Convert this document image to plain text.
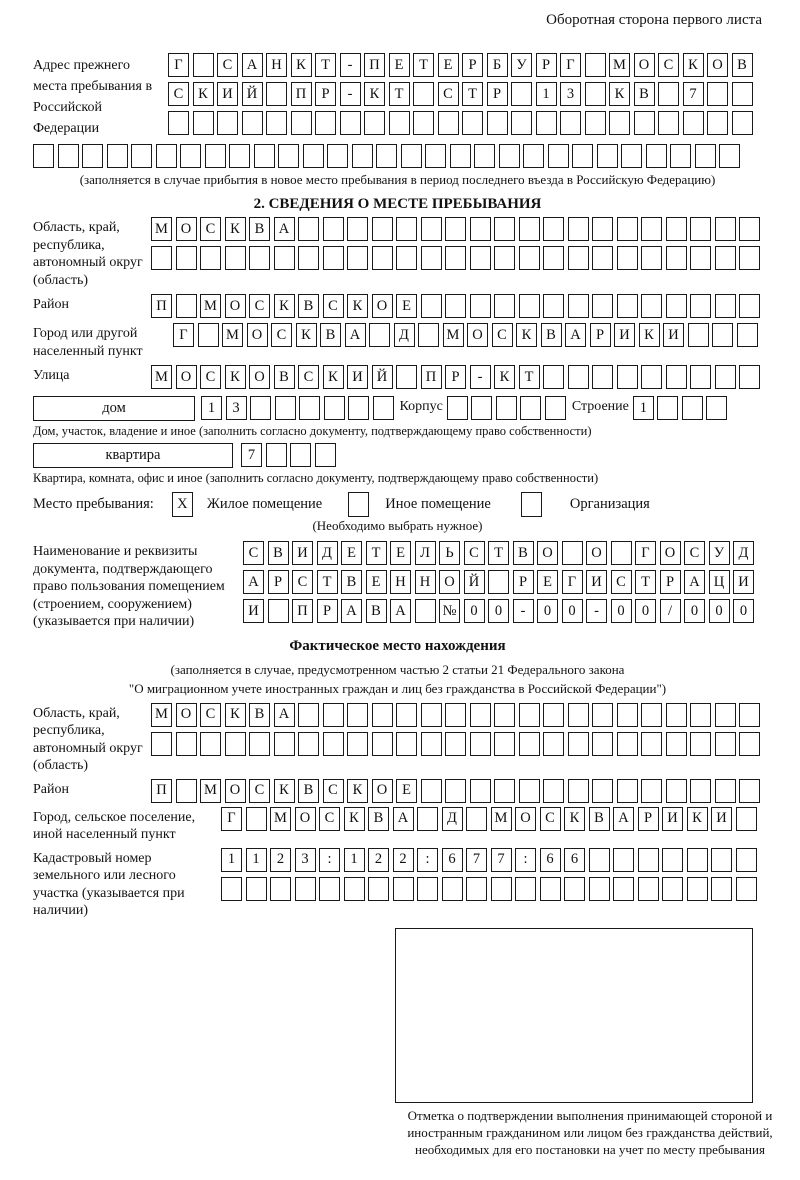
Оборотная сторона первого листа
Адрес прежнего места пребывания в Российской Федерации
Г	С А Н К	Т	-	П	Е	Т	Е	Р	Б	У	Р	Г	М О С	К О В
С	К И Й	П	Р	-	К	Т	С	Т	Р	1	3	К	В	7
(заполняется в случае прибытия в новое место пребывания в период последнего въезда в Российскую Федерацию)
2. СВЕДЕНИЯ О МЕСТЕ ПРЕБЫВАНИЯ
Область, край, республика, автономный округ (область)
М О С	К	В А
Район	П	М О С	К	В	С	К О	Е
Город или другой населенный пункт
Г	М О С	К	В А	Д	М О С	К	В А	Р	И К И
Улица	М О С	К О В	С	К И Й	П	Р	-	К	Т
дом	1	3	Корпус	Строение 1
Дом, участок, владение и иное (заполнить согласно документу, подтверждающему право собственности)
квартира	7
Квартира, комната, офис и иное (заполнить согласно документу, подтверждающему право собственности)
Место пребывания:	X	Жилое помещение	Иное помещение	Организация
(Необходимо выбрать нужное)
Наименование и реквизиты документа, подтверждающего право пользования помещением (строением, сооружением) (указывается при наличии)
С	В И Д	Е	Т	Е	Л	Ь	С	Т	В О	О	Г	О С	У Д
А	Р	С	Т	В	Е	Н Н О Й	Р	Е	Г	И С	Т	Р	А Ц И
И	П	Р	А В А	№ 0	0	-	0	0	-	0	0	/	0	0	0
Фактическое место нахождения
(заполняется в случае, предусмотренном частью 2 статьи 21 Федерального закона
"О миграционном учете иностранных граждан и лиц без гражданства в Российской Федерации")
Область, край, республика, автономный округ (область)
М О С	К	В А
Район	П	М О С	К	В	С	К О	Е
Город, сельское поселение, иной населенный пункт
Г	М О С	К	В А	Д	М О С	К	В А	Р	И К И
Кадастровый номер земельного или лесного участка (указывается при наличии)
1	1	2	3	:	1	2	2	:	6	7	7	:	6	6
Отметка о подтверждении выполнения принимающей стороной и иностранным гражданином или лицом без гражданства действий, необходимых для его постановки на учет по месту пребывания
